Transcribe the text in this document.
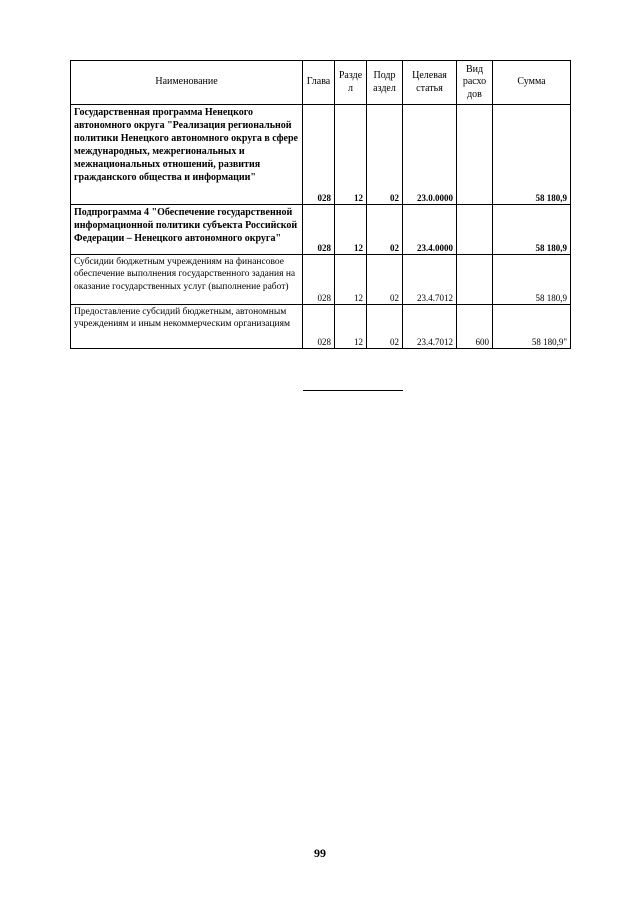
Наименование	Глава	Разде л	Подр аздел	Целевая статья	Вид расхо дов	Сумма
Государственная программа Ненецкого автономного округа "Реализация региональной политики Ненецкого автономного округа в сфере международных, межрегиональных и межнациональных отношений, развития гражданского общества и информации"	028	12	02	23.0.0000		58 180,9
Подпрограмма 4 "Обеспечение государственной информационной политики субъекта Российской Федерации – Ненецкого автономного округа"	028	12	02	23.4.0000		58 180,9
Субсидии бюджетным учреждениям на финансовое обеспечение выполнения государственного задания на оказание государственных услуг (выполнение работ)	028	12	02	23.4.7012		58 180,9
Предоставление субсидий бюджетным, автономным учреждениям и иным некоммерческим организациям	028	12	02	23.4.7012	600	58 180,9"
99
